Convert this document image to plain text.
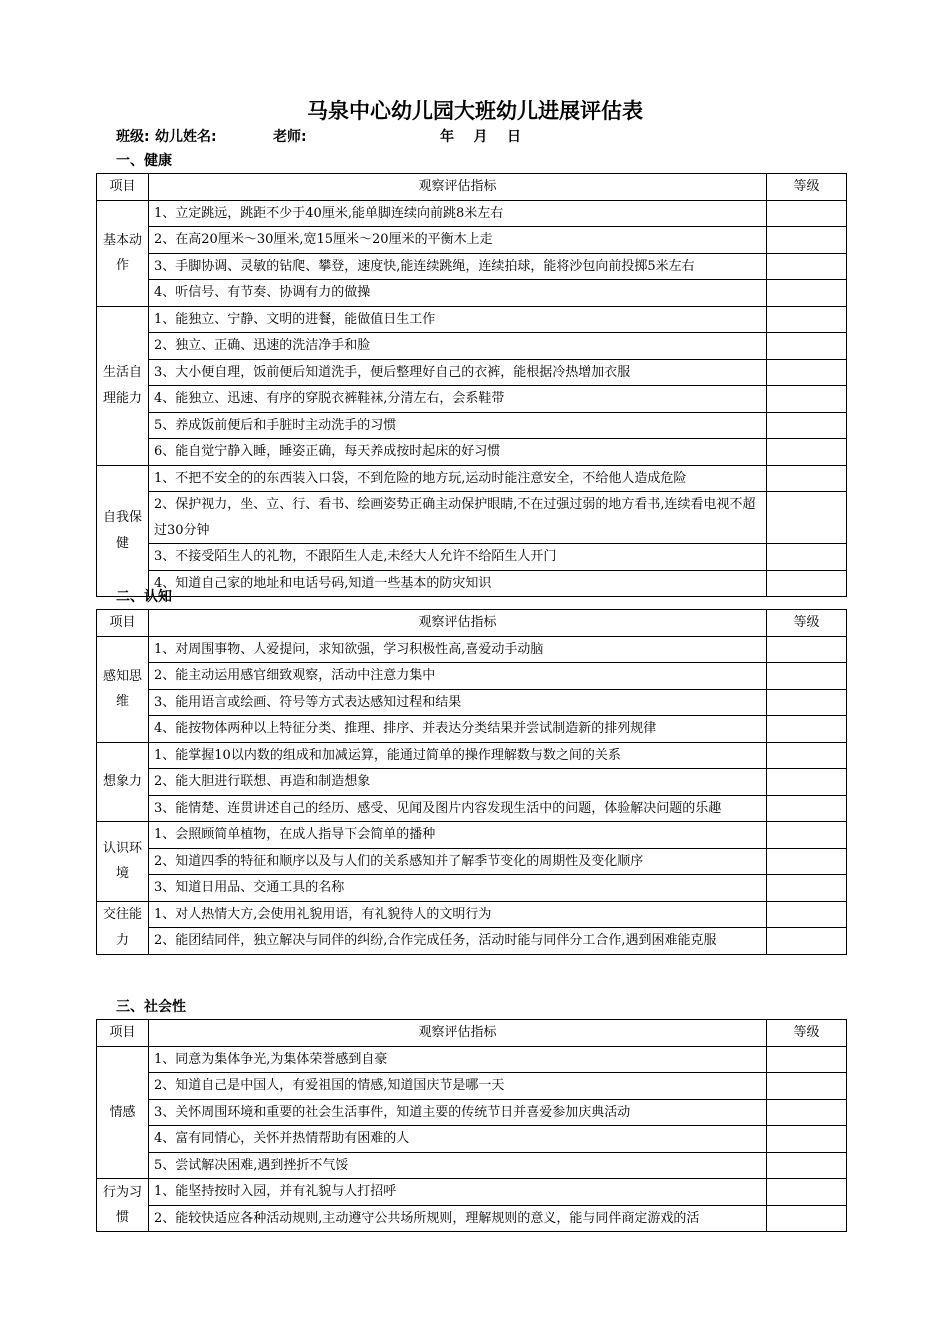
马泉中心幼儿园大班幼儿进展评估表
班级: 幼儿姓名:	老师:	年    月    日
一、健康
项目	观察评估指标	等级
基本动作	1、立定跳远，跳距不少于40厘米,能单脚连续向前跳8米左右	
	2、在高20厘米～30厘米,宽15厘米～20厘米的平衡木上走	
	3、手脚协调、灵敏的钻爬、攀登，速度快,能连续跳绳，连续拍球，能将沙包向前投掷5米左右	
	4、听信号、有节奏、协调有力的做操	
生活自理能力	1、能独立、宁静、文明的进餐，能做值日生工作	
	2、独立、正确、迅速的洗洁净手和脸	
	3、大小便自理，饭前便后知道洗手，便后整理好自己的衣裤，能根据冷热增加衣服	
	4、能独立、迅速、有序的穿脱衣裤鞋袜,分清左右，会系鞋带	
	5、养成饭前便后和手脏时主动洗手的习惯	
	6、能自觉宁静入睡，睡姿正确，每天养成按时起床的好习惯	
自我保健	1、不把不安全的的东西装入口袋，不到危险的地方玩,运动时能注意安全，不给他人造成危险	
	2、保护视力，坐、立、行、看书、绘画姿势正确主动保护眼睛,不在过强过弱的地方看书,连续看电视不超过30分钟	
	3、不接受陌生人的礼物，不跟陌生人走,未经大人允许不给陌生人开门	
	4、知道自己家的地址和电话号码,知道一些基本的防灾知识	
二、认知
项目	观察评估指标	等级
感知思维	1、对周围事物、人爱提问，求知欲强，学习积极性高,喜爱动手动脑	
	2、能主动运用感官细致观察，活动中注意力集中	
	3、能用语言或绘画、符号等方式表达感知过程和结果	
	4、能按物体两种以上特征分类、推理、排序、并表达分类结果并尝试制造新的排列规律	
想象力	1、能掌握10以内数的组成和加减运算，能通过简单的操作理解数与数之间的关系	
	2、能大胆进行联想、再造和制造想象	
	3、能情楚、连贯讲述自己的经历、感受、见闻及图片内容发现生活中的问题，体验解决问题的乐趣	
认识环境	1、会照顾简单植物，在成人指导下会简单的播种	
	2、知道四季的特征和顺序以及与人们的关系感知并了解季节变化的周期性及变化顺序	
	3、知道日用品、交通工具的名称	
交往能力	1、对人热情大方,会使用礼貌用语，有礼貌待人的文明行为	
	2、能团结同伴，独立解决与同伴的纠纷,合作完成任务，活动时能与同伴分工合作,遇到困难能克服	
三、社会性
项目	观察评估指标	等级
情感	1、同意为集体争光,为集体荣誉感到自豪	
	2、知道自己是中国人，有爱祖国的情感,知道国庆节是哪一天	
	3、关怀周围环境和重要的社会生活事件，知道主要的传统节日并喜爱参加庆典活动	
	4、富有同情心，关怀并热情帮助有困难的人	
	5、尝试解决困难,遇到挫折不气馁	
行为习惯	1、能坚持按时入园，并有礼貌与人打招呼	
	2、能较快适应各种活动规则,主动遵守公共场所规则，理解规则的意义，能与同伴商定游戏的活	
